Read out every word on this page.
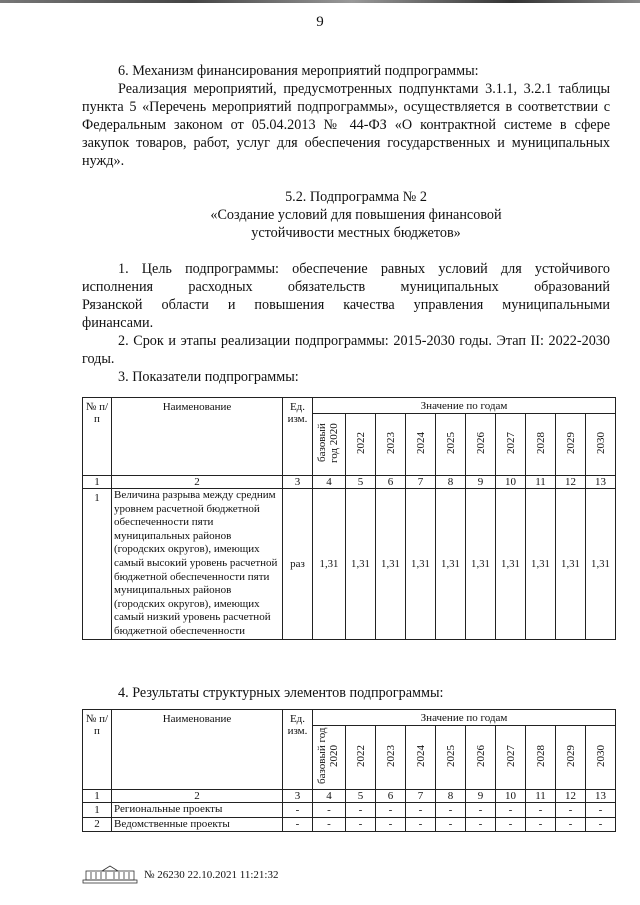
9
6. Механизм финансирования мероприятий подпрограммы:
Реализация мероприятий, предусмотренных подпунктами 3.1.1, 3.2.1 таблицы пункта 5 «Перечень мероприятий подпрограммы», осуществляется в соответствии с Федеральным законом от 05.04.2013 № 44-ФЗ «О контрактной системе в сфере закупок товаров, работ, услуг для обеспечения государственных и муниципальных нужд».
5.2. Подпрограмма № 2
«Создание условий для повышения финансовой
устойчивости местных бюджетов»
1. Цель подпрограммы: обеспечение равных условий для устойчивого
исполнения расходных обязательств муниципальных образований
Рязанской области и повышения качества управления муниципальными
финансами.
2. Срок и этапы реализации подпрограммы: 2015-2030 годы. Этап II: 2022-2030 годы.
3. Показатели подпрограммы:
№ п/п	Наименование	Ед. изм.	Значение по годам									
			базовый год 2020	2022	2023	2024	2025	2026	2027	2028	2029	2030
1	2	3	4	5	6	7	8	9	10	11	12	13
1	Величина разрыва между средним уровнем расчетной бюджетной обеспеченности пяти муниципальных районов (городских округов), имеющих самый высокий уровень расчетной бюджетной обеспеченности пяти муниципальных районов (городских округов), имеющих самый низкий уровень расчетной бюджетной обеспеченности	раз	1,31	1,31	1,31	1,31	1,31	1,31	1,31	1,31	1,31	1,31
4. Результаты структурных элементов подпрограммы:
№ п/п	Наименование	Ед. изм.	Значение по годам									
			базовый год 2020	2022	2023	2024	2025	2026	2027	2028	2029	2030
1	2	3	4	5	6	7	8	9	10	11	12	13
1	Региональные проекты	-	-	-	-	-	-	-	-	-	-	-
2	Ведомственные проекты	-	-	-	-	-	-	-	-	-	-	-
№ 26230 22.10.2021 11:21:32
